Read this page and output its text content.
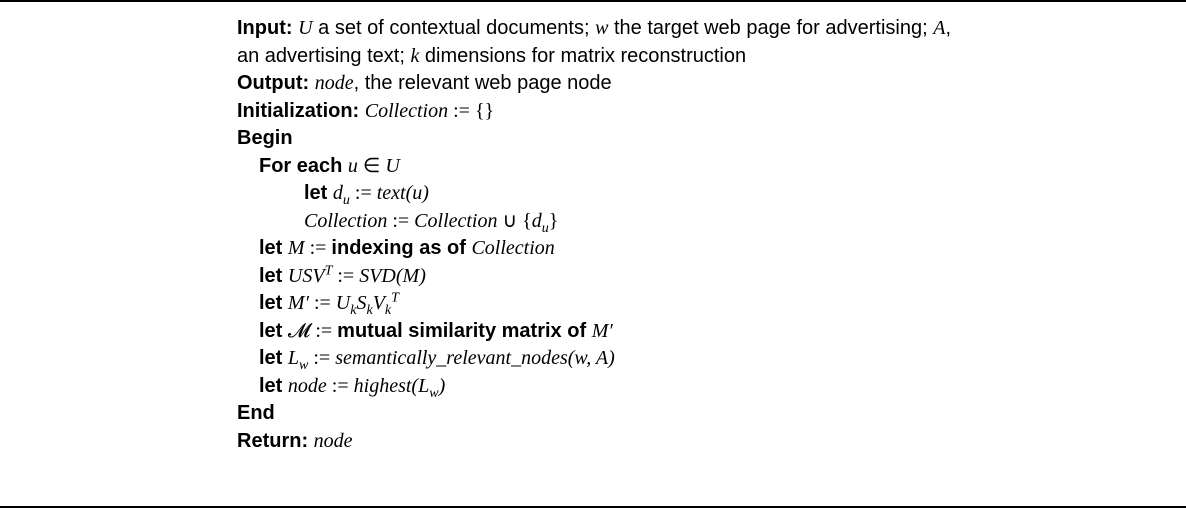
Input: U a set of contextual documents; w the target web page for advertising; A, an advertising text; k dimensions for matrix reconstruction
Output: node, the relevant web page node
Initialization: Collection := {}
Begin
For each u ∈ U
let $d_u$ := text(u)
Collection := Collection ∪ $\{d_u\}$
let M := indexing as of Collection
let $USV^T$ := SVD(M)
let M′ := $U_kS_kV_k^T$
let 𝓜 := mutual similarity matrix of M′
let $L_w$ := semantically_relevant_nodes(w, A)
let node := $highest(L_w)$
End
Return: node
